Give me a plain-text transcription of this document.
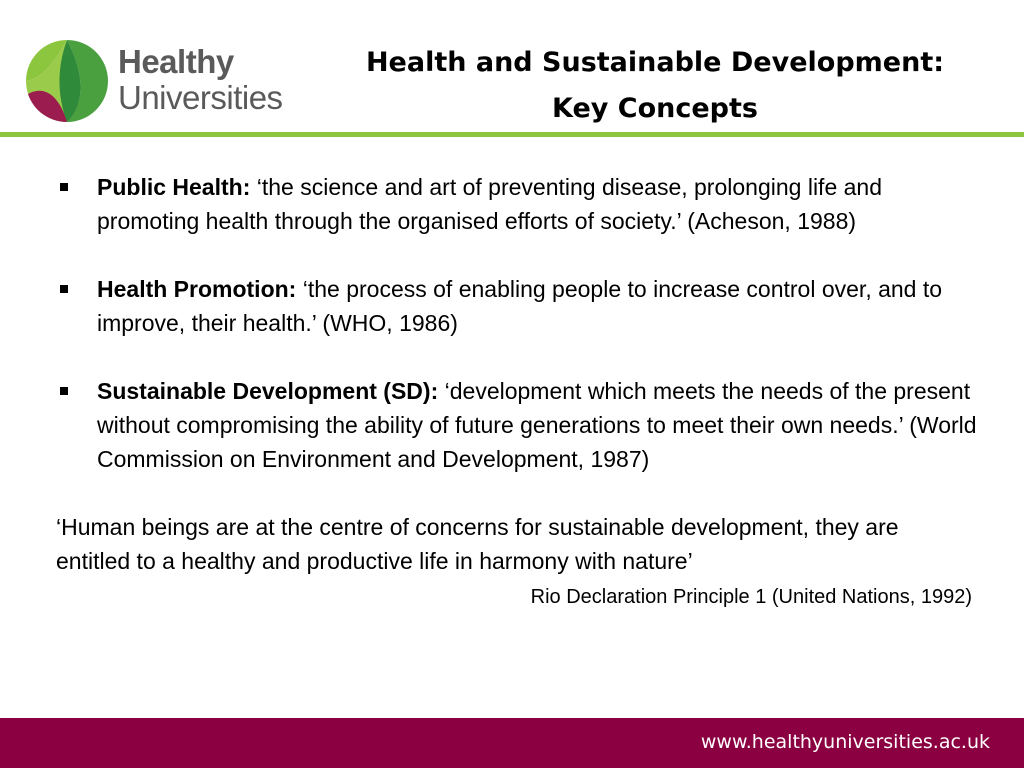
Healthy
Universities
Health and Sustainable Development:
Key Concepts
Public Health: ‘the science and art of preventing disease, prolonging life and promoting health through the organised efforts of society.’ (Acheson, 1988)
Health Promotion: ‘the process of enabling people to increase control over, and to improve, their health.’ (WHO, 1986)
Sustainable Development (SD): ‘development which meets the needs of the present without compromising the ability of future generations to meet their own needs.’ (World Commission on Environment and Development, 1987)
‘Human beings are at the centre of concerns for sustainable development, they are entitled to a healthy and productive life in harmony with nature’
Rio Declaration Principle 1 (United Nations, 1992)
www.healthyuniversities.ac.uk
